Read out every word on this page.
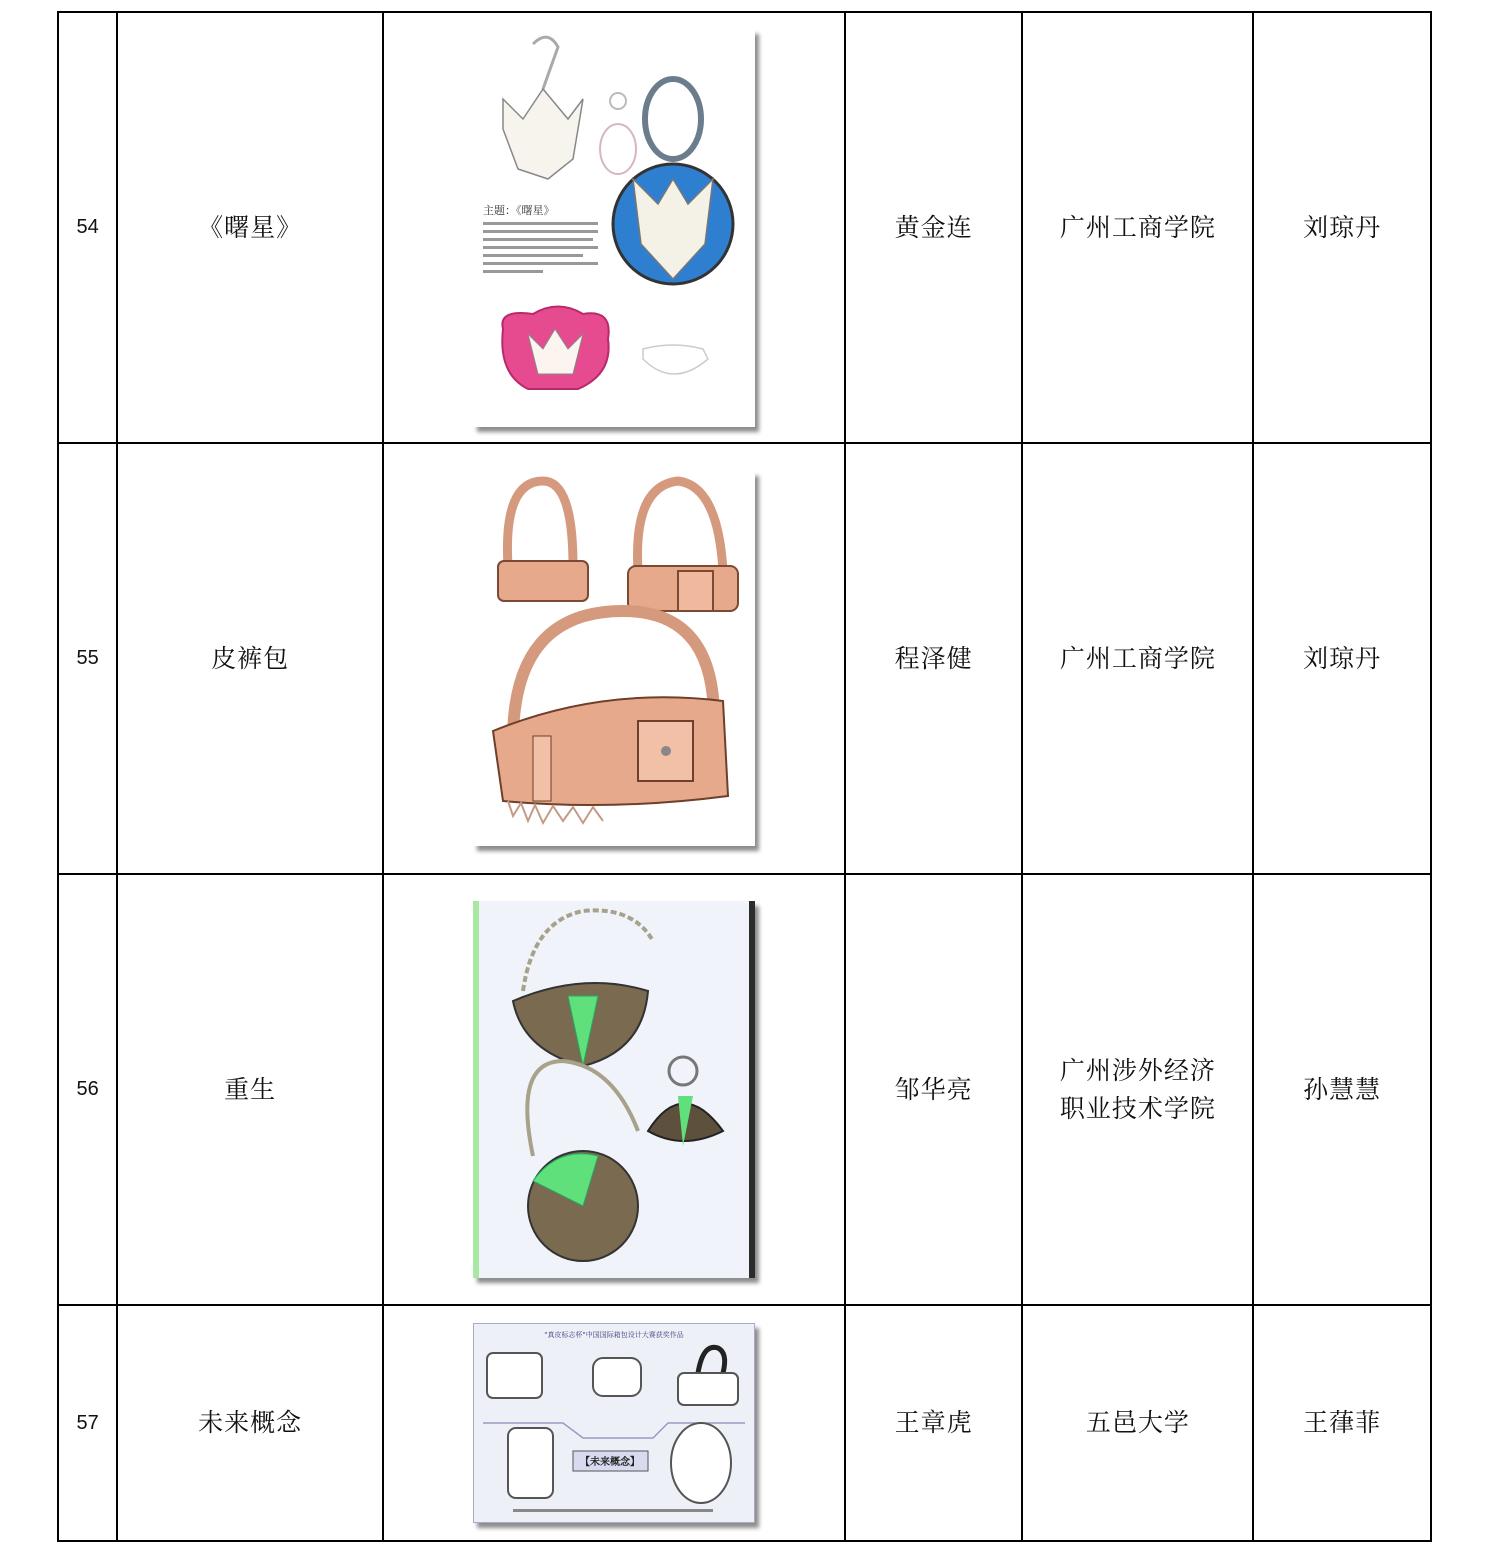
54	《曙星》	主题：《曙星》	黄金连	广州工商学院	刘琼丹
55	皮裤包		程泽健	广州工商学院	刘琼丹
56	重生		邹华亮	广州涉外经济
职业技术学院	孙慧慧
57	未来概念	"真皮标志杯"中国国际箱包设计大赛获奖作品
【未来概念】	王章虎	五邑大学	王葎菲
